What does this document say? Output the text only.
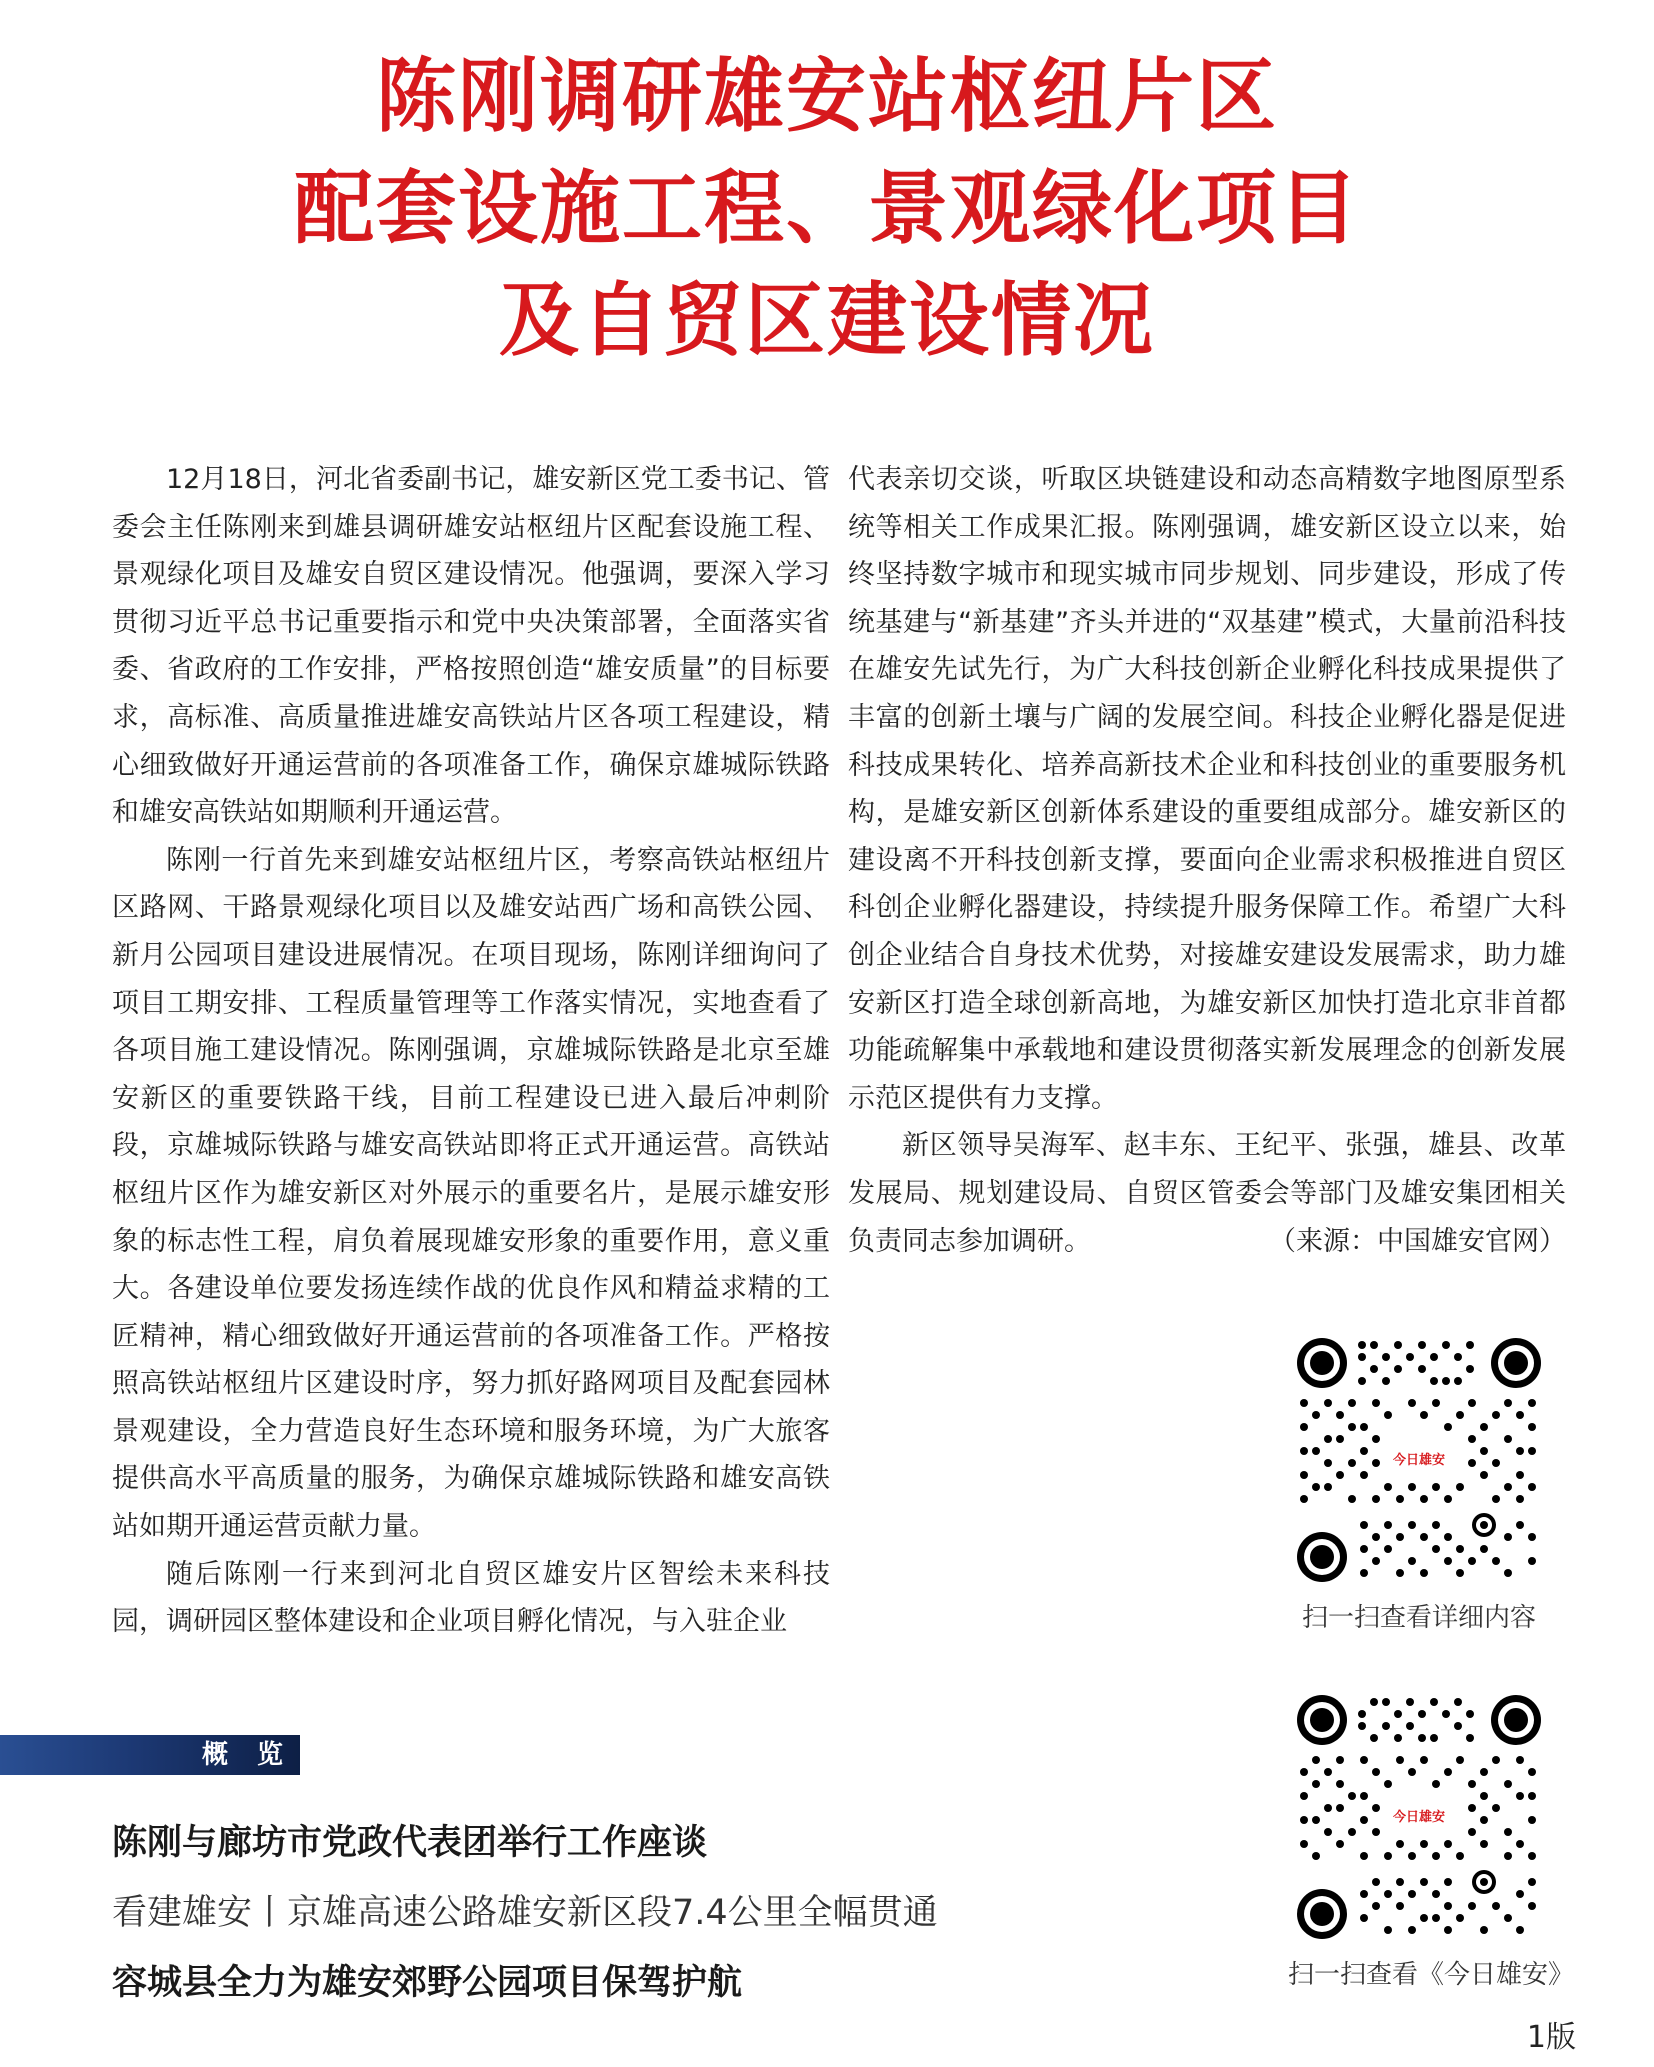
陈刚调研雄安站枢纽片区
配套设施工程、景观绿化项目
及自贸区建设情况

12月18日，河北省委副书记，雄安新区党工委书记、管委会主任陈刚来到雄县调研雄安站枢纽片区配套设施工程、景观绿化项目及雄安自贸区建设情况。他强调，要深入学习贯彻习近平总书记重要指示和党中央决策部署，全面落实省委、省政府的工作安排，严格按照创造“雄安质量”的目标要求，高标准、高质量推进雄安高铁站片区各项工程建设，精心细致做好开通运营前的各项准备工作，确保京雄城际铁路和雄安高铁站如期顺利开通运营。

陈刚一行首先来到雄安站枢纽片区，考察高铁站枢纽片区路网、干路景观绿化项目以及雄安站西广场和高铁公园、新月公园项目建设进展情况。在项目现场，陈刚详细询问了项目工期安排、工程质量管理等工作落实情况，实地查看了各项目施工建设情况。陈刚强调，京雄城际铁路是北京至雄安新区的重要铁路干线，目前工程建设已进入最后冲刺阶段，京雄城际铁路与雄安高铁站即将正式开通运营。高铁站枢纽片区作为雄安新区对外展示的重要名片，是展示雄安形象的标志性工程，肩负着展现雄安形象的重要作用，意义重大。各建设单位要发扬连续作战的优良作风和精益求精的工匠精神，精心细致做好开通运营前的各项准备工作。严格按照高铁站枢纽片区建设时序，努力抓好路网项目及配套园林景观建设，全力营造良好生态环境和服务环境，为广大旅客提供高水平高质量的服务，为确保京雄城际铁路和雄安高铁站如期开通运营贡献力量。

随后陈刚一行来到河北自贸区雄安片区智绘未来科技园，调研园区整体建设和企业项目孵化情况，与入驻企业

代表亲切交谈，听取区块链建设和动态高精数字地图原型系统等相关工作成果汇报。陈刚强调，雄安新区设立以来，始终坚持数字城市和现实城市同步规划、同步建设，形成了传统基建与“新基建”齐头并进的“双基建”模式，大量前沿科技在雄安先试先行，为广大科技创新企业孵化科技成果提供了丰富的创新土壤与广阔的发展空间。科技企业孵化器是促进科技成果转化、培养高新技术企业和科技创业的重要服务机构，是雄安新区创新体系建设的重要组成部分。雄安新区的建设离不开科技创新支撑，要面向企业需求积极推进自贸区科创企业孵化器建设，持续提升服务保障工作。希望广大科创企业结合自身技术优势，对接雄安建设发展需求，助力雄安新区打造全球创新高地，为雄安新区加快打造北京非首都功能疏解集中承载地和建设贯彻落实新发展理念的创新发展示范区提供有力支撑。

新区领导吴海军、赵丰东、王纪平、张强，雄县、改革发展局、规划建设局、自贸区管委会等部门及雄安集团相关负责同志参加调研。	（来源：中国雄安官网）

今日雄安
扫一扫查看详细内容
今日雄安
扫一扫查看《今日雄安》
概 览
陈刚与廊坊市党政代表团举行工作座谈
看建雄安丨京雄高速公路雄安新区段7.4公里全幅贯通
容城县全力为雄安郊野公园项目保驾护航
1版
